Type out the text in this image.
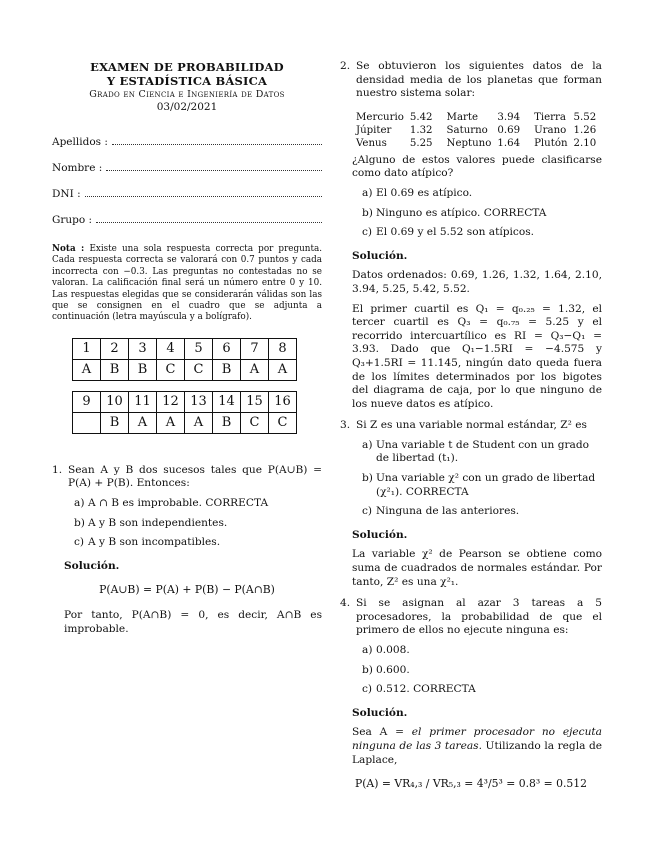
EXAMEN DE PROBABILIDAD
Y ESTADÍSTICA BÁSICA
Grado en Ciencia e Ingeniería de Datos
03/02/2021
Apellidos :
Nombre :
DNI :
Grupo :
Nota : Existe una sola respuesta correcta por pregunta. Cada respuesta correcta se valorará con 0.7 puntos y cada incorrecta con −0.3. Las preguntas no contestadas no se valoran. La calificación final será un número entre 0 y 10. Las respuestas elegidas que se considerarán válidas son las que se consignen en el cuadro que se adjunta a continuación (letra mayúscula y a bolígrafo).
1	2	3	4	5	6	7	8
A	B	B	C	C	B	A	A
9	10	11	12	13	14	15	16
	B	A	A	A	B	C	C
1. Sean A y B dos sucesos tales que P(A∪B) = P(A) + P(B). Entonces:
a) A ∩ B es improbable. CORRECTA
b) A y B son independientes.
c) A y B son incompatibles.
Solución.
P(A∪B) = P(A) + P(B) − P(A∩B)
Por tanto, P(A∩B) = 0, es decir, A∩B es improbable.
2. Se obtuvieron los siguientes datos de la densidad media de los planetas que forman nuestro sistema solar:
Mercurio	5.42	Marte	3.94	Tierra	5.52
Júpiter	1.32	Saturno	0.69	Urano	1.26
Venus	5.25	Neptuno	1.64	Plutón	2.10
¿Alguno de estos valores puede clasificarse como dato atípico?
a) El 0.69 es atípico.
b) Ninguno es atípico. CORRECTA
c) El 0.69 y el 5.52 son atípicos.
Solución.
Datos ordenados: 0.69, 1.26, 1.32, 1.64, 2.10, 3.94, 5.25, 5.42, 5.52.
El primer cuartil es Q₁ = q₀.₂₅ = 1.32, el tercer cuartil es Q₃ = q₀.₇₅ = 5.25 y el recorrido intercuartílico es RI = Q₃−Q₁ = 3.93. Dado que Q₁−1.5RI = −4.575 y Q₃+1.5RI = 11.145, ningún dato queda fuera de los límites determinados por los bigotes del diagrama de caja, por lo que ninguno de los nueve datos es atípico.
3. Si Z es una variable normal estándar, Z² es
a) Una variable t de Student con un grado de libertad (t₁).
b) Una variable χ² con un grado de libertad (χ²₁). CORRECTA
c) Ninguna de las anteriores.
Solución.
La variable χ² de Pearson se obtiene como suma de cuadrados de normales estándar. Por tanto, Z² es una χ²₁.
4. Si se asignan al azar 3 tareas a 5 procesadores, la probabilidad de que el primero de ellos no ejecute ninguna es:
a) 0.008.
b) 0.600.
c) 0.512. CORRECTA
Solución.
Sea A = el primer procesador no ejecuta ninguna de las 3 tareas. Utilizando la regla de Laplace,
P(A) = VR₄,₃ / VR₅,₃ = 4³/5³ = 0.8³ = 0.512
